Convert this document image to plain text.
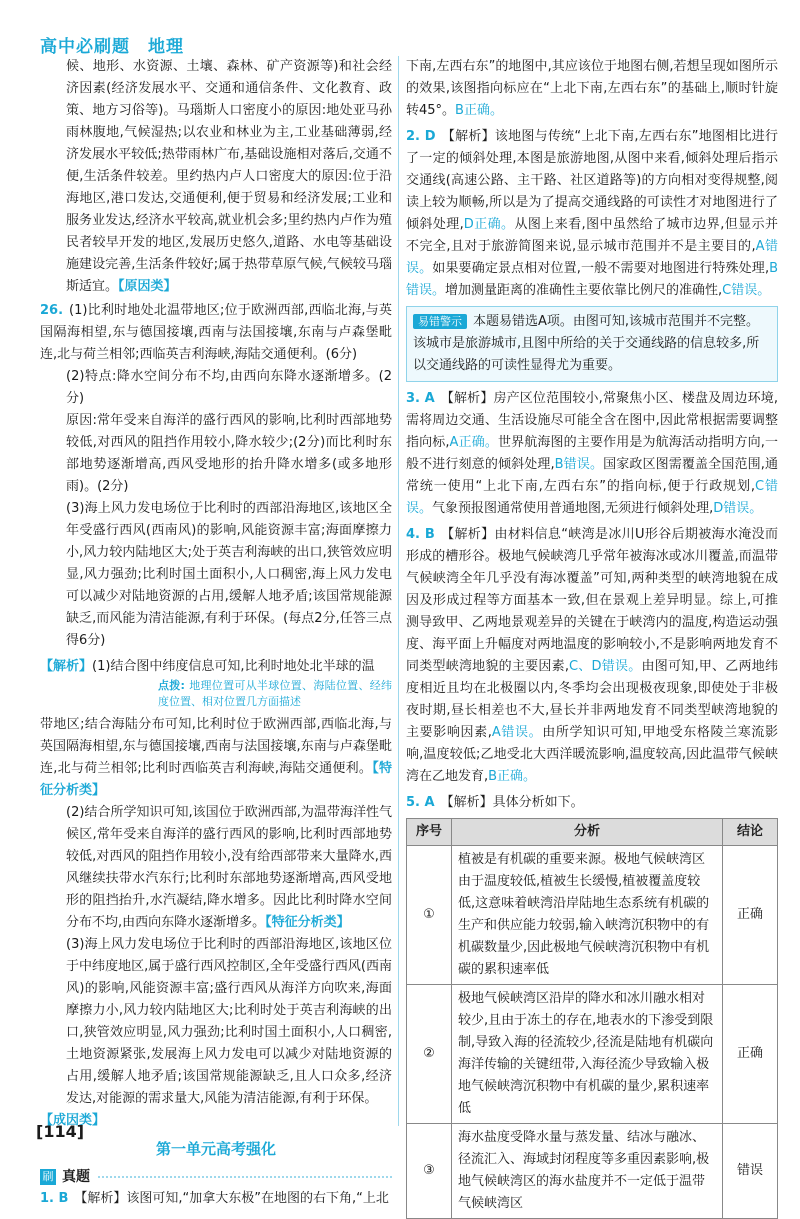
高中必刷题　地理

候、地形、水资源、土壤、森林、矿产资源等)和社会经济因素(经济发展水平、交通和通信条件、文化教育、政策、地方习俗等)。马瑙斯人口密度小的原因:地处亚马孙雨林腹地,气候湿热;以农业和林业为主,工业基础薄弱,经济发展水平较低;热带雨林广布,基础设施相对落后,交通不便,生活条件较差。里约热内卢人口密度大的原因:位于沿海地区,港口发达,交通便利,便于贸易和经济发展;工业和服务业发达,经济水平较高,就业机会多;里约热内卢作为殖民者较早开发的地区,发展历史悠久,道路、水电等基础设施建设完善,生活条件较好;属于热带草原气候,气候较马瑙斯适宜。【原因类】

26. (1)比利时地处北温带地区;位于欧洲西部,西临北海,与英国隔海相望,东与德国接壤,西南与法国接壤,东南与卢森堡毗连,北与荷兰相邻;西临英吉利海峡,海陆交通便利。(6分)

(2)特点:降水空间分布不均,由西向东降水逐渐增多。(2分)

原因:常年受来自海洋的盛行西风的影响,比利时西部地势较低,对西风的阻挡作用较小,降水较少;(2分)而比利时东部地势逐渐增高,西风受地形的抬升降水增多(或多地形雨)。(2分)

(3)海上风力发电场位于比利时的西部沿海地区,该地区全年受盛行西风(西南风)的影响,风能资源丰富;海面摩擦力小,风力较内陆地区大;处于英吉利海峡的出口,狭管效应明显,风力强劲;比利时国土面积小,人口稠密,海上风力发电可以减少对陆地资源的占用,缓解人地矛盾;该国常规能源缺乏,而风能为清洁能源,有利于环保。(每点2分,任答三点得6分)

【解析】(1)结合图中纬度信息可知,比利时地处北半球的温

点拨: 地理位置可从半球位置、海陆位置、经纬度位置、相对位置几方面描述

带地区;结合海陆分布可知,比利时位于欧洲西部,西临北海,与英国隔海相望,东与德国接壤,西南与法国接壤,东南与卢森堡毗连,北与荷兰相邻;比利时西临英吉利海峡,海陆交通便利。【特征分析类】

(2)结合所学知识可知,该国位于欧洲西部,为温带海洋性气候区,常年受来自海洋的盛行西风的影响,比利时西部地势较低,对西风的阻挡作用较小,没有给西部带来大量降水,西风继续扶带水汽东行;比利时东部地势逐渐增高,西风受地形的阻挡抬升,水汽凝结,降水增多。因此比利时降水空间分布不均,由西向东降水逐渐增多。【特征分析类】

(3)海上风力发电场位于比利时的西部沿海地区,该地区位于中纬度地区,属于盛行西风控制区,全年受盛行西风(西南风)的影响,风能资源丰富;盛行西风从海洋方向吹来,海面摩擦力小,风力较内陆地区大;比利时处于英吉利海峡的出口,狭管效应明显,风力强劲;比利时国土面积小,人口稠密,土地资源紧张,发展海上风力发电可以减少对陆地资源的占用,缓解人地矛盾;该国常规能源缺乏,且人口众多,经济发达,对能源的需求量大,风能为清洁能源,有利于环保。

【成因类】

第一单元高考强化
刷 真题

1. B 【解析】该图可知,“加拿大东极”在地图的右下角,“上北

下南,左西右东”的地图中,其应该位于地图右侧,若想呈现如图所示的效果,该图指向标应在“上北下南,左西右东”的基础上,顺时针旋转45°。B正确。

2. D 【解析】该地图与传统“上北下南,左西右东”地图相比进行了一定的倾斜处理,本图是旅游地图,从图中来看,倾斜处理后指示交通线(高速公路、主干路、社区道路等)的方向相对变得规整,阅读上较为顺畅,所以是为了提高交通线路的可读性才对地图进行了倾斜处理,D正确。从图上来看,图中虽然给了城市边界,但显示并不完全,且对于旅游简图来说,显示城市范围并不是主要目的,A错误。如果要确定景点相对位置,一般不需要对地图进行特殊处理,B错误。增加测量距离的准确性主要依靠比例尺的准确性,C错误。

易错警示 本题易错选A项。由图可知,该城市范围并不完整。该城市是旅游城市,且图中所给的关于交通线路的信息较多,所以交通线路的可读性显得尤为重要。

3. A 【解析】房产区位范围较小,常聚焦小区、楼盘及周边环境,需将周边交通、生活设施尽可能全含在图中,因此常根据需要调整指向标,A正确。世界航海图的主要作用是为航海活动指明方向,一般不进行刻意的倾斜处理,B错误。国家政区图需覆盖全国范围,通常统一使用“上北下南,左西右东”的指向标,便于行政规划,C错误。气象预报图通常使用普通地图,无须进行倾斜处理,D错误。

4. B 【解析】由材料信息“峡湾是冰川U形谷后期被海水淹没而形成的槽形谷。极地气候峡湾几乎常年被海冰或冰川覆盖,而温带气候峡湾全年几乎没有海冰覆盖”可知,两种类型的峡湾地貌在成因及形成过程等方面基本一致,但在景观上差异明显。综上,可推测导致甲、乙两地景观差异的关键在于峡湾内的温度,构造运动强度、海平面上升幅度对两地温度的影响较小,不是影响两地发育不同类型峡湾地貌的主要因素,C、D错误。由图可知,甲、乙两地纬度相近且均在北极圈以内,冬季均会出现极夜现象,即使处于非极夜时期,昼长相差也不大,昼长并非两地发育不同类型峡湾地貌的主要影响因素,A错误。由所学知识可知,甲地受东格陵兰寒流影响,温度较低;乙地受北大西洋暖流影响,温度较高,因此温带气候峡湾在乙地发育,B正确。

5. A 【解析】具体分析如下。

序号	分析	结论
①	植被是有机碳的重要来源。极地气候峡湾区由于温度较低,植被生长缓慢,植被覆盖度较低,这意味着峡湾沿岸陆地生态系统有机碳的生产和供应能力较弱,输入峡湾沉积物中的有机碳数量少,因此极地气候峡湾沉积物中有机碳的累积速率低	正确
②	极地气候峡湾区沿岸的降水和冰川融水相对较少,且由于冻土的存在,地表水的下渗受到限制,导致入海的径流较少,径流是陆地有机碳向海洋传输的关键纽带,入海径流少导致输入极地气候峡湾沉积物中有机碳的量少,累积速率低	正确
③	海水盐度受降水量与蒸发量、结冰与融冰、径流汇入、海域封闭程度等多重因素影响,极地气候峡湾区的海水盐度并不一定低于温带气候峡湾区	错误
[114]
